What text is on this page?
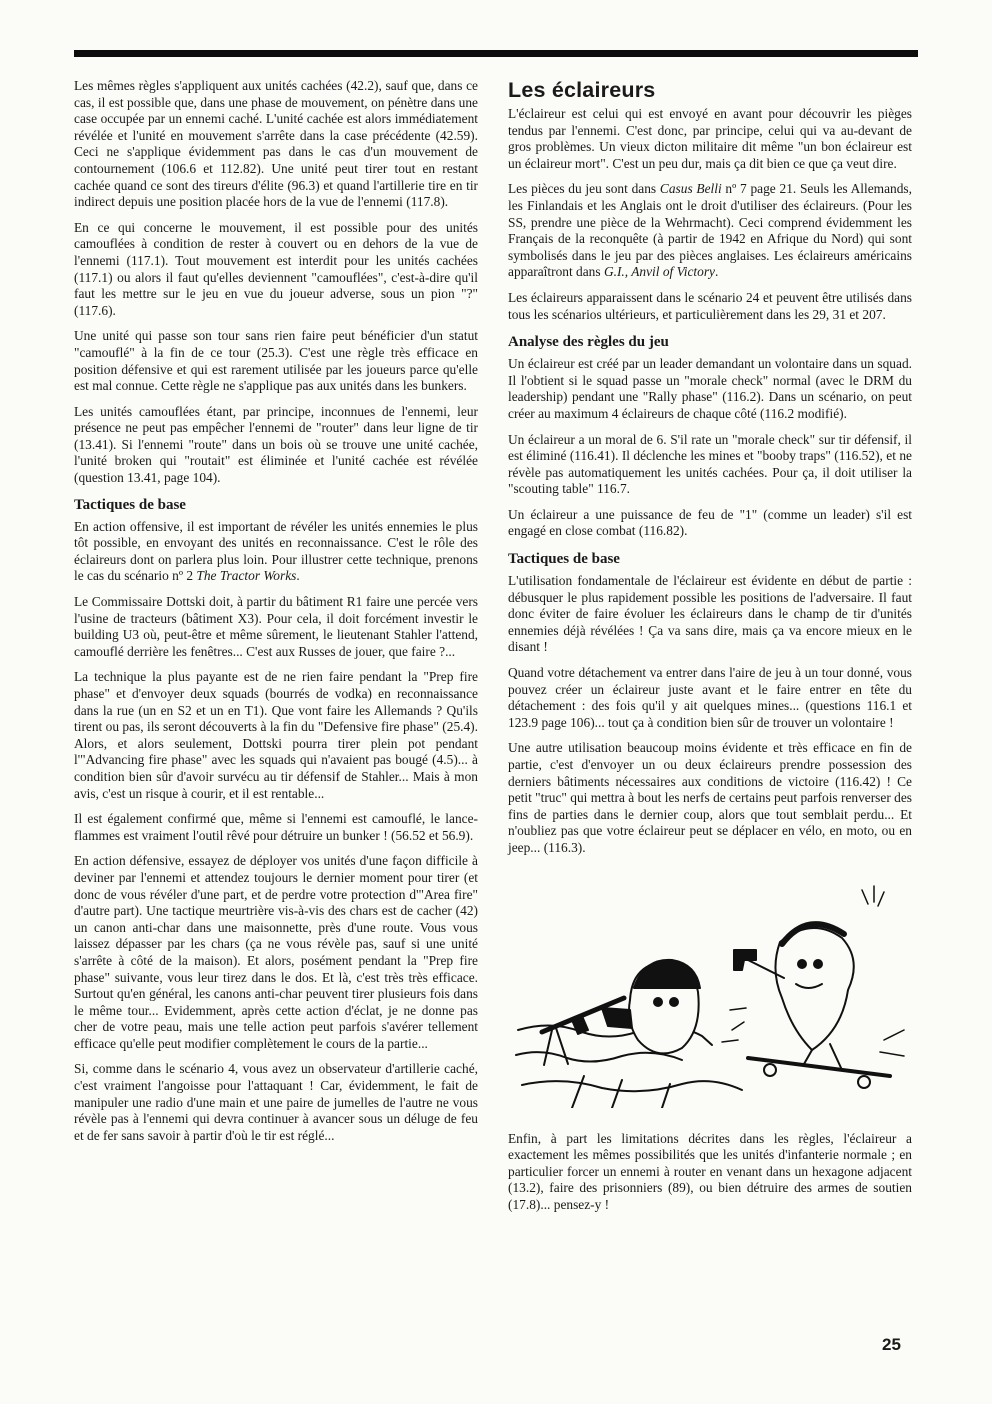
Les mêmes règles s'appliquent aux unités cachées (42.2), sauf que, dans ce cas, il est possible que, dans une phase de mouvement, on pénètre dans une case occupée par un ennemi caché. L'unité cachée est alors immédiatement révélée et l'unité en mouvement s'arrête dans la case précédente (42.59). Ceci ne s'applique évidemment pas dans le cas d'un mouvement de contournement (106.6 et 112.82). Une unité peut tirer tout en restant cachée quand ce sont des tireurs d'élite (96.3) et quand l'artillerie tire en tir indirect depuis une position placée hors de la vue de l'ennemi (117.8).

En ce qui concerne le mouvement, il est possible pour des unités camouflées à condition de rester à couvert ou en dehors de la vue de l'ennemi (117.1). Tout mouvement est interdit pour les unités cachées (117.1) ou alors il faut qu'elles deviennent "camouflées", c'est-à-dire qu'il faut les mettre sur le jeu en vue du joueur adverse, sous un pion "?" (117.6).

Une unité qui passe son tour sans rien faire peut bénéficier d'un statut "camouflé" à la fin de ce tour (25.3). C'est une règle très efficace en position défensive et qui est rarement utilisée par les joueurs parce qu'elle est mal connue. Cette règle ne s'applique pas aux unités dans les bunkers.

Les unités camouflées étant, par principe, inconnues de l'ennemi, leur présence ne peut pas empêcher l'ennemi de "router" dans leur ligne de tir (13.41). Si l'ennemi "route" dans un bois où se trouve une unité cachée, l'unité broken qui "routait" est éliminée et l'unité cachée est révélée (question 13.41, page 104).

Tactiques de base

En action offensive, il est important de révéler les unités ennemies le plus tôt possible, en envoyant des unités en reconnaissance. C'est le rôle des éclaireurs dont on parlera plus loin. Pour illustrer cette technique, prenons le cas du scénario nº 2 The Tractor Works.

Le Commissaire Dottski doit, à partir du bâtiment R1 faire une percée vers l'usine de tracteurs (bâtiment X3). Pour cela, il doit forcément investir le building U3 où, peut-être et même sûrement, le lieutenant Stahler l'attend, camouflé derrière les fenêtres... C'est aux Russes de jouer, que faire ?...

La technique la plus payante est de ne rien faire pendant la "Prep fire phase" et d'envoyer deux squads (bourrés de vodka) en reconnaissance dans la rue (un en S2 et un en T1). Que vont faire les Allemands ? Qu'ils tirent ou pas, ils seront découverts à la fin du "Defensive fire phase" (25.4). Alors, et alors seulement, Dottski pourra tirer plein pot pendant l'"Advancing fire phase" avec les squads qui n'avaient pas bougé (4.5)... à condition bien sûr d'avoir survécu au tir défensif de Stahler... Mais à mon avis, c'est un risque à courir, et il est rentable...

Il est également confirmé que, même si l'ennemi est camouflé, le lance-flammes est vraiment l'outil rêvé pour détruire un bunker ! (56.52 et 56.9).

En action défensive, essayez de déployer vos unités d'une façon difficile à deviner par l'ennemi et attendez toujours le dernier moment pour tirer (et donc de vous révéler d'une part, et de perdre votre protection d'"Area fire" d'autre part). Une tactique meurtrière vis-à-vis des chars est de cacher (42) un canon anti-char dans une maisonnette, près d'une route. Vous vous laissez dépasser par les chars (ça ne vous révèle pas, sauf si une unité s'arrête à côté de la maison). Et alors, posément pendant la "Prep fire phase" suivante, vous leur tirez dans le dos. Et là, c'est très très efficace. Surtout qu'en général, les canons anti-char peuvent tirer plusieurs fois dans le même tour... Evidemment, après cette action d'éclat, je ne donne pas cher de votre peau, mais une telle action peut parfois s'avérer tellement efficace qu'elle peut modifier complètement le cours de la partie...

Si, comme dans le scénario 4, vous avez un observateur d'artillerie caché, c'est vraiment l'angoisse pour l'attaquant ! Car, évidemment, le fait de manipuler une radio d'une main et une paire de jumelles de l'autre ne vous révèle pas à l'ennemi qui devra continuer à avancer sous un déluge de feu et de fer sans savoir à partir d'où le tir est réglé...

Les éclaireurs

L'éclaireur est celui qui est envoyé en avant pour découvrir les pièges tendus par l'ennemi. C'est donc, par principe, celui qui va au-devant de gros problèmes. Un vieux dicton militaire dit même "un bon éclaireur est un éclaireur mort". C'est un peu dur, mais ça dit bien ce que ça veut dire.

Les pièces du jeu sont dans Casus Belli nº 7 page 21. Seuls les Allemands, les Finlandais et les Anglais ont le droit d'utiliser des éclaireurs. (Pour les SS, prendre une pièce de la Wehrmacht). Ceci comprend évidemment les Français de la reconquête (à partir de 1942 en Afrique du Nord) qui sont symbolisés dans le jeu par des pièces anglaises. Les éclaireurs américains apparaîtront dans G.I., Anvil of Victory.

Les éclaireurs apparaissent dans le scénario 24 et peuvent être utilisés dans tous les scénarios ultérieurs, et particulièrement dans les 29, 31 et 207.

Analyse des règles du jeu

Un éclaireur est créé par un leader demandant un volontaire dans un squad. Il l'obtient si le squad passe un "morale check" normal (avec le DRM du leadership) pendant une "Rally phase" (116.2). Dans un scénario, on peut créer au maximum 4 éclaireurs de chaque côté (116.2 modifié).

Un éclaireur a un moral de 6. S'il rate un "morale check" sur tir défensif, il est éliminé (116.41). Il déclenche les mines et "booby traps" (116.52), et ne révèle pas automatiquement les unités cachées. Pour ça, il doit utiliser la "scouting table" 116.7.

Un éclaireur a une puissance de feu de "1" (comme un leader) s'il est engagé en close combat (116.82).

Tactiques de base

L'utilisation fondamentale de l'éclaireur est évidente en début de partie : débusquer le plus rapidement possible les positions de l'adversaire. Il faut donc éviter de faire évoluer les éclaireurs dans le champ de tir d'unités ennemies déjà révélées ! Ça va sans dire, mais ça va encore mieux en le disant !

Quand votre détachement va entrer dans l'aire de jeu à un tour donné, vous pouvez créer un éclaireur juste avant et le faire entrer en tête du détachement : des fois qu'il y ait quelques mines... (questions 116.1 et 123.9 page 106)... tout ça à condition bien sûr de trouver un volontaire !

Une autre utilisation beaucoup moins évidente et très efficace en fin de partie, c'est d'envoyer un ou deux éclaireurs prendre possession des derniers bâtiments nécessaires aux conditions de victoire (116.42) ! Ce petit "truc" qui mettra à bout les nerfs de certains peut parfois renverser des fins de parties dans le dernier coup, alors que tout semblait perdu... Et n'oubliez pas que votre éclaireur peut se déplacer en vélo, en moto, ou en jeep... (116.3).

Enfin, à part les limitations décrites dans les règles, l'éclaireur a exactement les mêmes possibilités que les unités d'infanterie normale ; en particulier forcer un ennemi à router en venant dans un hexagone adjacent (13.2), faire des prisonniers (89), ou bien détruire des armes de soutien (17.8)... pensez-y !

25
